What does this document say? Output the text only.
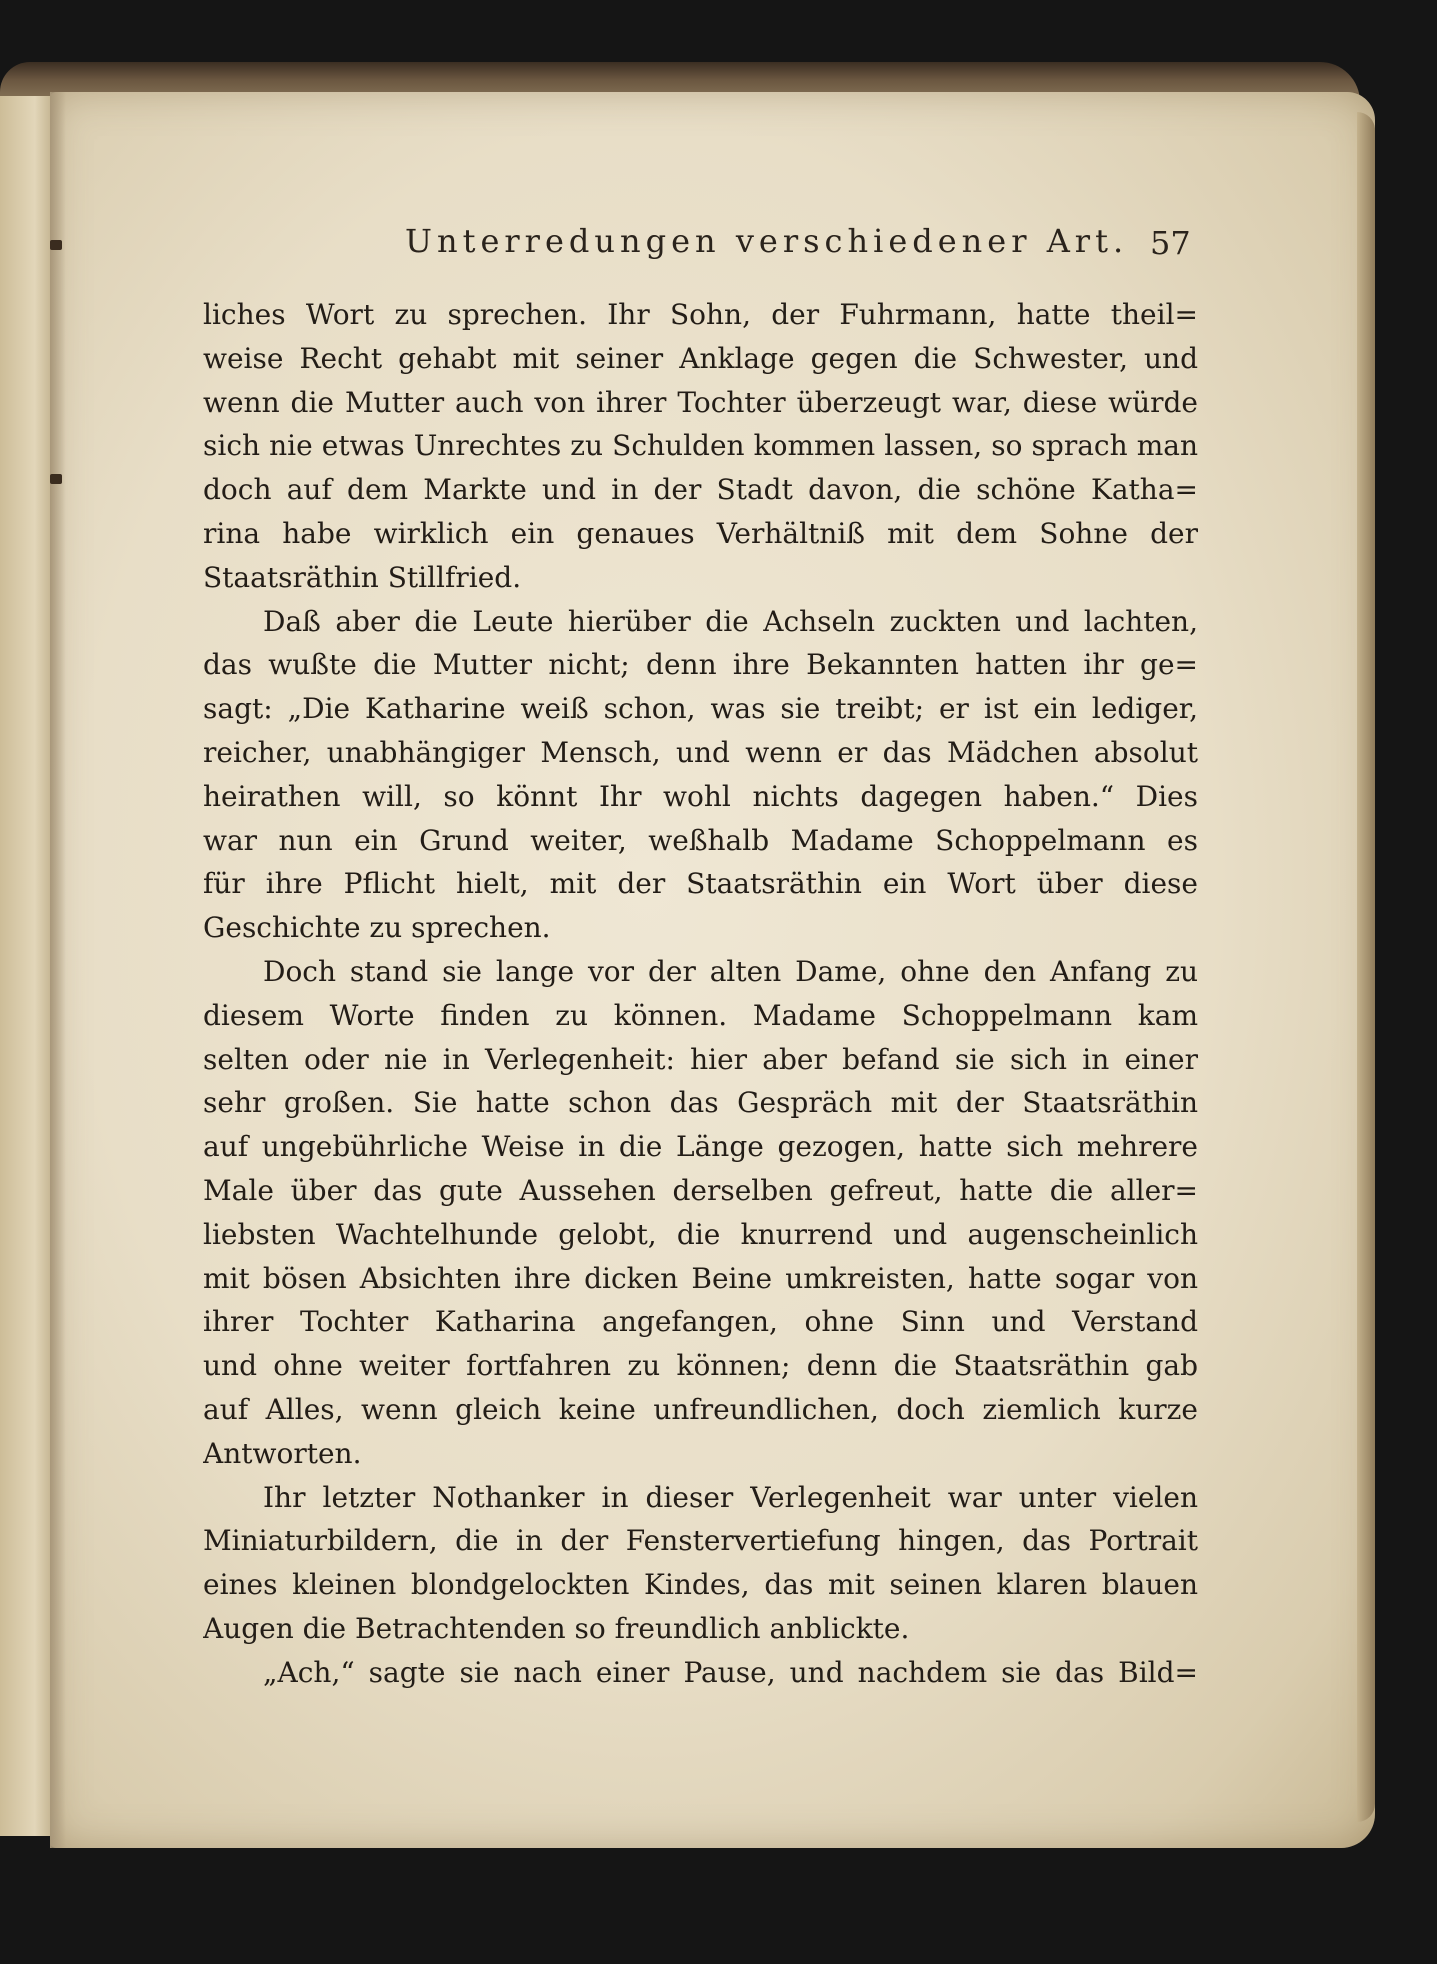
Unterredungen verschiedener Art. 57
liches Wort zu sprechen. Ihr Sohn, der Fuhrmann, hatte theil=
weise Recht gehabt mit seiner Anklage gegen die Schwester, und
wenn die Mutter auch von ihrer Tochter überzeugt war, diese würde
sich nie etwas Unrechtes zu Schulden kommen lassen, so sprach man
doch auf dem Markte und in der Stadt davon, die schöne Katha=
rina habe wirklich ein genaues Verhältniß mit dem Sohne der
Staatsräthin Stillfried.
Daß aber die Leute hierüber die Achseln zuckten und lachten,
das wußte die Mutter nicht; denn ihre Bekannten hatten ihr ge=
sagt: „Die Katharine weiß schon, was sie treibt; er ist ein lediger,
reicher, unabhängiger Mensch, und wenn er das Mädchen absolut
heirathen will, so könnt Ihr wohl nichts dagegen haben.“ Dies
war nun ein Grund weiter, weßhalb Madame Schoppelmann es
für ihre Pflicht hielt, mit der Staatsräthin ein Wort über diese
Geschichte zu sprechen.
Doch stand sie lange vor der alten Dame, ohne den Anfang zu
diesem Worte finden zu können. Madame Schoppelmann kam
selten oder nie in Verlegenheit: hier aber befand sie sich in einer
sehr großen. Sie hatte schon das Gespräch mit der Staatsräthin
auf ungebührliche Weise in die Länge gezogen, hatte sich mehrere
Male über das gute Aussehen derselben gefreut, hatte die aller=
liebsten Wachtelhunde gelobt, die knurrend und augenscheinlich
mit bösen Absichten ihre dicken Beine umkreisten, hatte sogar von
ihrer Tochter Katharina angefangen, ohne Sinn und Verstand
und ohne weiter fortfahren zu können; denn die Staatsräthin gab
auf Alles, wenn gleich keine unfreundlichen, doch ziemlich kurze
Antworten.
Ihr letzter Nothanker in dieser Verlegenheit war unter vielen
Miniaturbildern, die in der Fenstervertiefung hingen, das Portrait
eines kleinen blondgelockten Kindes, das mit seinen klaren blauen
Augen die Betrachtenden so freundlich anblickte.
„Ach,“ sagte sie nach einer Pause, und nachdem sie das Bild=
